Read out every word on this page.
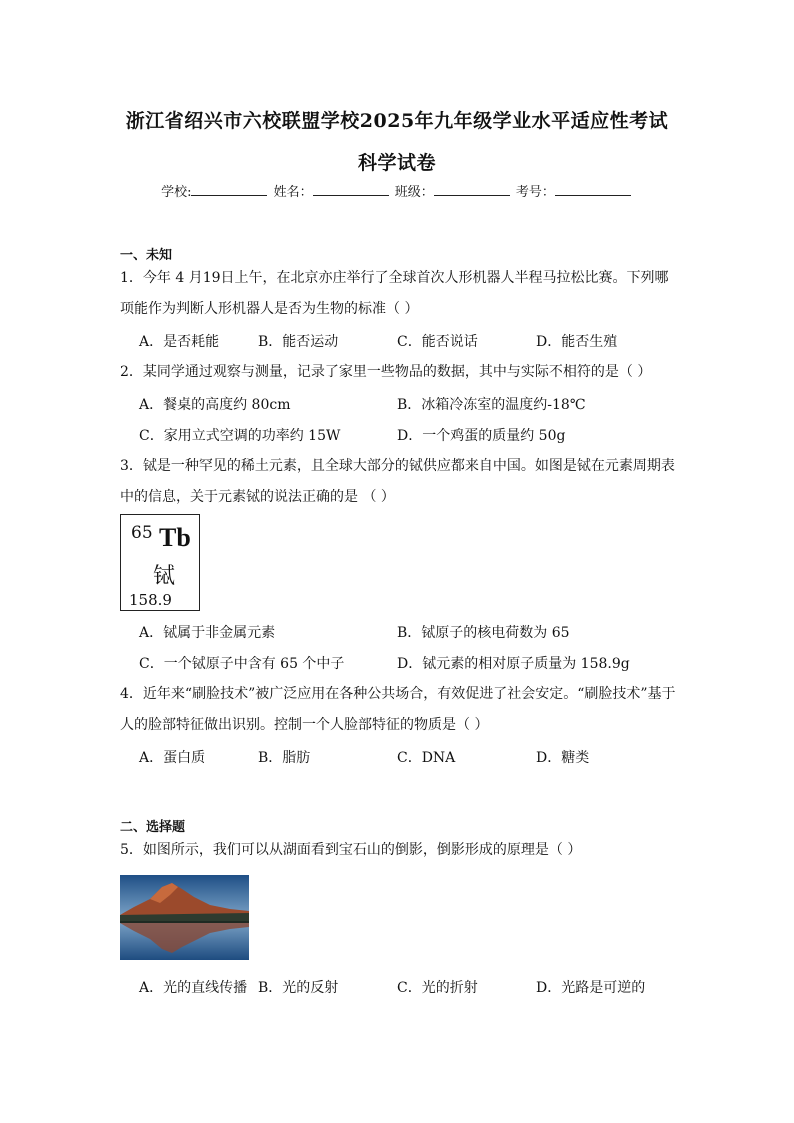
浙江省绍兴市六校联盟学校2025年九年级学业水平适应性考试
科学试卷
学校:	姓名：	班级：	考号：
一、未知
1．今年 4 月19日上午，在北京亦庄举行了全球首次人形机器人半程马拉松比赛。下列哪
项能作为判断人形机器人是否为生物的标准（ ）
A．是否耗能	B．能否运动	C．能否说话	D．能否生殖
2．某同学通过观察与测量，记录了家里一些物品的数据，其中与实际不相符的是（ ）
A．餐桌的高度约 80cm	B．冰箱冷冻室的温度约-18℃
C．家用立式空调的功率约 15W	D．一个鸡蛋的质量约 50g
3．铽是一种罕见的稀土元素，且全球大部分的铽供应都来自中国。如图是铽在元素周期表
中的信息，关于元素铽的说法正确的是 （ ）
65 Tb
铽
158.9
A．铽属于非金属元素	B．铽原子的核电荷数为 65
C．一个铽原子中含有 65 个中子	D．铽元素的相对原子质量为 158.9g
4．近年来“刷脸技术”被广泛应用在各种公共场合，有效促进了社会安定。“刷脸技术”基于
人的脸部特征做出识别。控制一个人脸部特征的物质是（ ）
A．蛋白质	B．脂肪	C．DNA	D．糖类
二、选择题
5．如图所示，我们可以从湖面看到宝石山的倒影，倒影形成的原理是（ ）
A．光的直线传播 B．光的反射	C．光的折射	D．光路是可逆的
